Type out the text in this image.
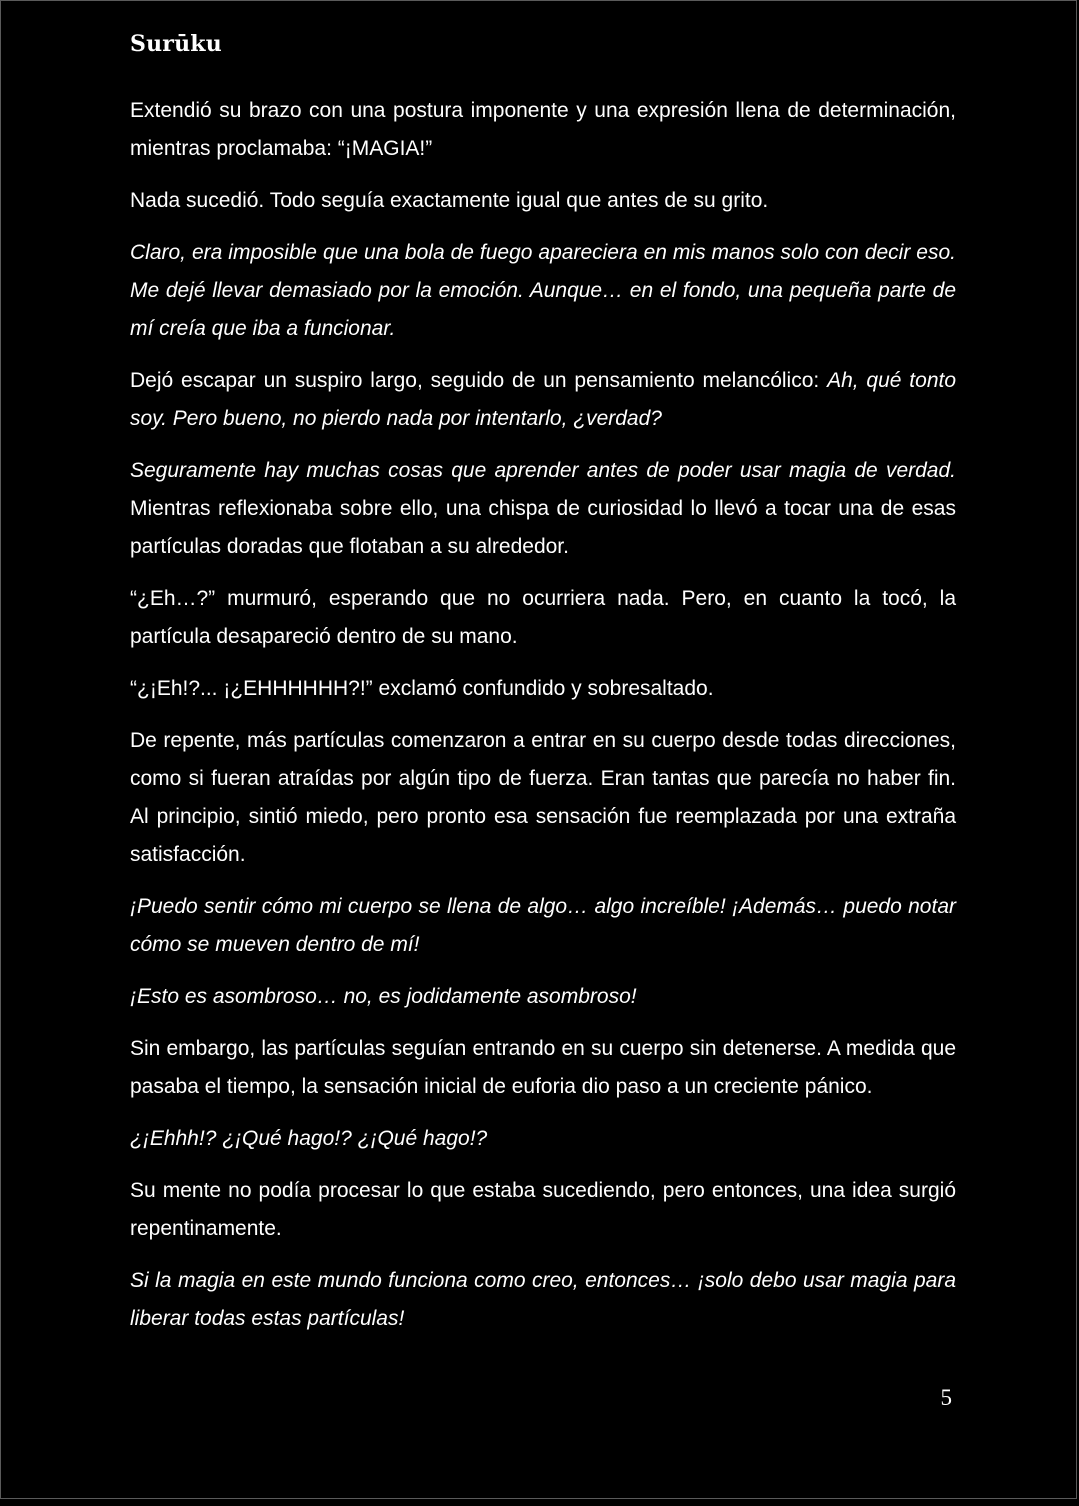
Surūku

Extendió su brazo con una postura imponente y una expresión llena de determinación, mientras proclamaba: “¡MAGIA!”

Nada sucedió. Todo seguía exactamente igual que antes de su grito.

Claro, era imposible que una bola de fuego apareciera en mis manos solo con decir eso. Me dejé llevar demasiado por la emoción. Aunque… en el fondo, una pequeña parte de mí creía que iba a funcionar.

Dejó escapar un suspiro largo, seguido de un pensamiento melancólico: Ah, qué tonto soy. Pero bueno, no pierdo nada por intentarlo, ¿verdad?

Seguramente hay muchas cosas que aprender antes de poder usar magia de verdad. Mientras reflexionaba sobre ello, una chispa de curiosidad lo llevó a tocar una de esas partículas doradas que flotaban a su alrededor.

“¿Eh…?” murmuró, esperando que no ocurriera nada. Pero, en cuanto la tocó, la partícula desapareció dentro de su mano.

“¿¡Eh!?... ¡¿EHHHHHH?!” exclamó confundido y sobresaltado.

De repente, más partículas comenzaron a entrar en su cuerpo desde todas direcciones, como si fueran atraídas por algún tipo de fuerza. Eran tantas que parecía no haber fin. Al principio, sintió miedo, pero pronto esa sensación fue reemplazada por una extraña satisfacción.

¡Puedo sentir cómo mi cuerpo se llena de algo… algo increíble! ¡Además… puedo notar cómo se mueven dentro de mí!

¡Esto es asombroso… no, es jodidamente asombroso!

Sin embargo, las partículas seguían entrando en su cuerpo sin detenerse. A medida que pasaba el tiempo, la sensación inicial de euforia dio paso a un creciente pánico.

¿¡Ehhh!? ¿¡Qué hago!? ¿¡Qué hago!?

Su mente no podía procesar lo que estaba sucediendo, pero entonces, una idea surgió repentinamente.

Si la magia en este mundo funciona como creo, entonces… ¡solo debo usar magia para liberar todas estas partículas!

5
